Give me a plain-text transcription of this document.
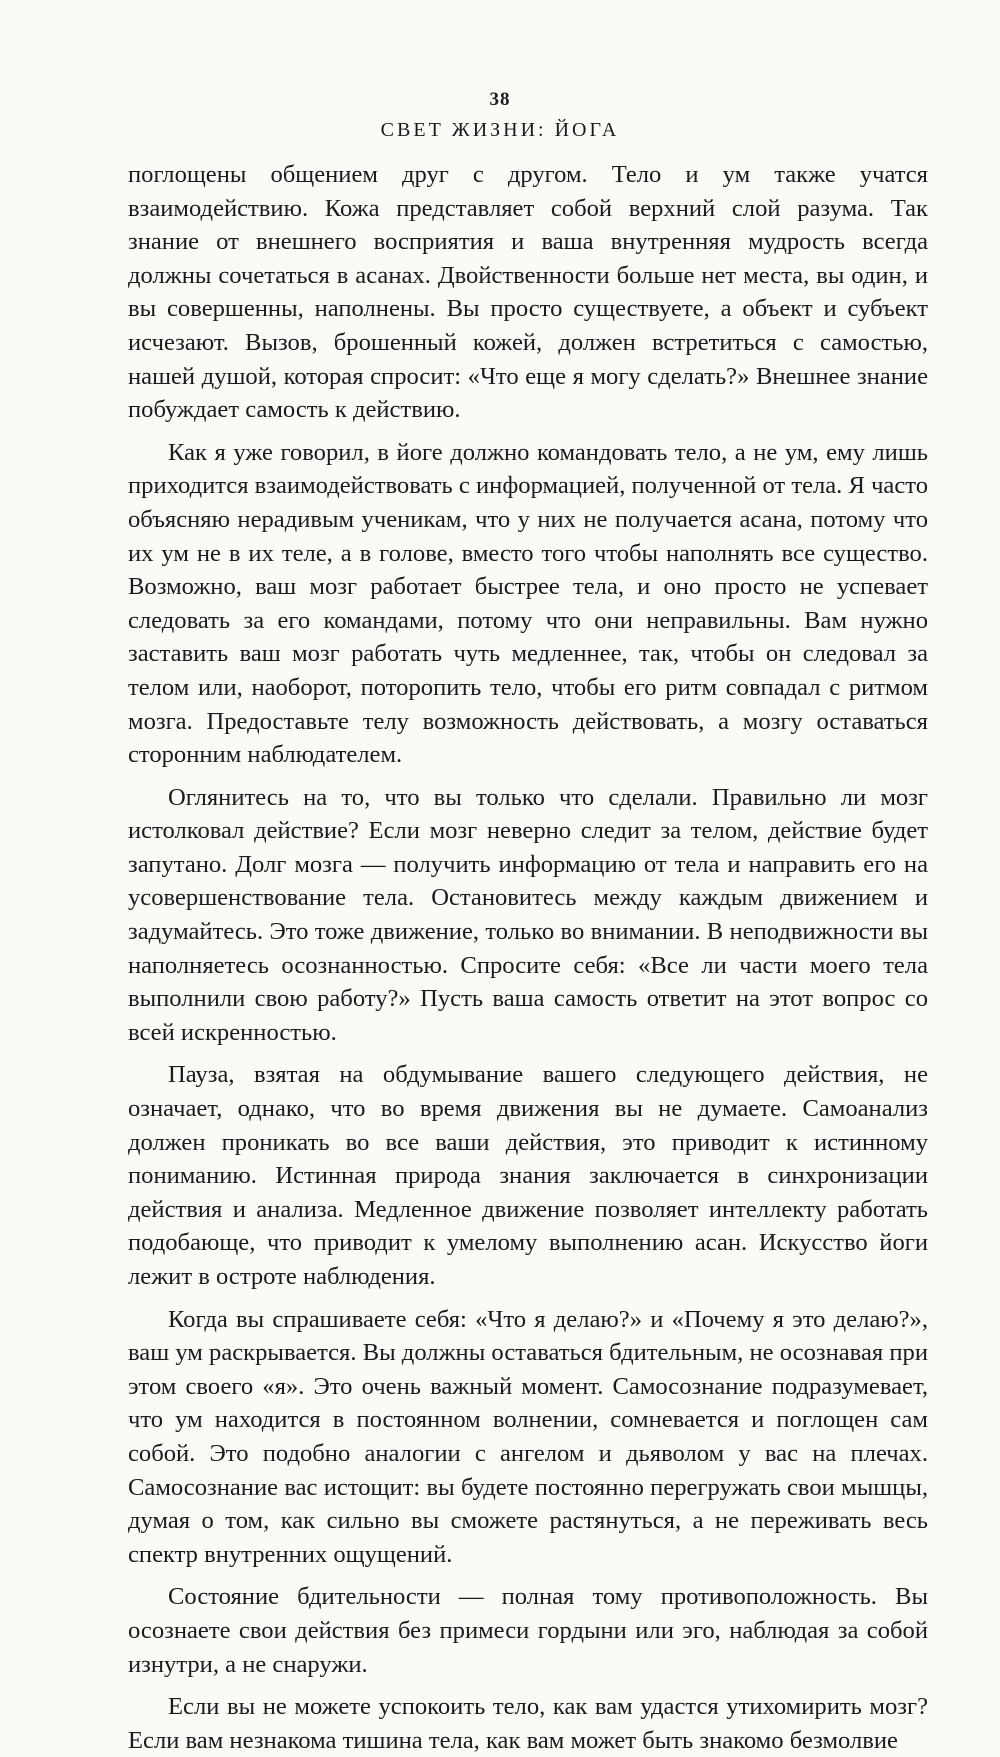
38
СВЕТ ЖИЗНИ: ЙОГА

поглощены общением друг с другом. Тело и ум также учатся взаимодействию. Кожа представляет собой верхний слой разума. Так знание от внешнего восприятия и ваша внутренняя мудрость всегда должны сочетаться в асанах. Двойственности больше нет места, вы один, и вы совершенны, наполнены. Вы просто существуете, а объект и субъект исчезают. Вызов, брошенный кожей, должен встретиться с самостью, нашей душой, которая спросит: «Что еще я могу сделать?» Внешнее знание побуждает самость к действию.

Как я уже говорил, в йоге должно командовать тело, а не ум, ему лишь приходится взаимодействовать с информацией, полученной от тела. Я часто объясняю нерадивым ученикам, что у них не получается асана, потому что их ум не в их теле, а в голове, вместо того чтобы наполнять все существо. Возможно, ваш мозг работает быстрее тела, и оно просто не успевает следовать за его командами, потому что они неправильны. Вам нужно заставить ваш мозг работать чуть медленнее, так, чтобы он следовал за телом или, наоборот, поторопить тело, чтобы его ритм совпадал с ритмом мозга. Предоставьте телу возможность действовать, а мозгу оставаться сторонним наблюдателем.

Оглянитесь на то, что вы только что сделали. Правильно ли мозг истолковал действие? Если мозг неверно следит за телом, действие будет запутано. Долг мозга — получить информацию от тела и направить его на усовершенствование тела. Остановитесь между каждым движением и задумайтесь. Это тоже движение, только во внимании. В неподвижности вы наполняетесь осознанностью. Спросите себя: «Все ли части моего тела выполнили свою работу?» Пусть ваша самость ответит на этот вопрос со всей искренностью.

Пауза, взятая на обдумывание вашего следующего действия, не означает, однако, что во время движения вы не думаете. Самоанализ должен проникать во все ваши действия, это приводит к истинному пониманию. Истинная природа знания заключается в синхронизации действия и анализа. Медленное движение позволяет интеллекту работать подобающе, что приводит к умелому выполнению асан. Искусство йоги лежит в остроте наблюдения.

Когда вы спрашиваете себя: «Что я делаю?» и «Почему я это делаю?», ваш ум раскрывается. Вы должны оставаться бдительным, не осознавая при этом своего «я». Это очень важный момент. Самосознание подразумевает, что ум находится в постоянном волнении, сомневается и поглощен сам собой. Это подобно аналогии с ангелом и дьяволом у вас на плечах. Самосознание вас истощит: вы будете постоянно перегружать свои мышцы, думая о том, как сильно вы сможете растянуться, а не переживать весь спектр внутренних ощущений.

Состояние бдительности — полная тому противоположность. Вы осознаете свои действия без примеси гордыни или эго, наблюдая за собой изнутри, а не снаружи.

Если вы не можете успокоить тело, как вам удастся утихомирить мозг? Если вам незнакома тишина тела, как вам может быть знакомо безмолвие
